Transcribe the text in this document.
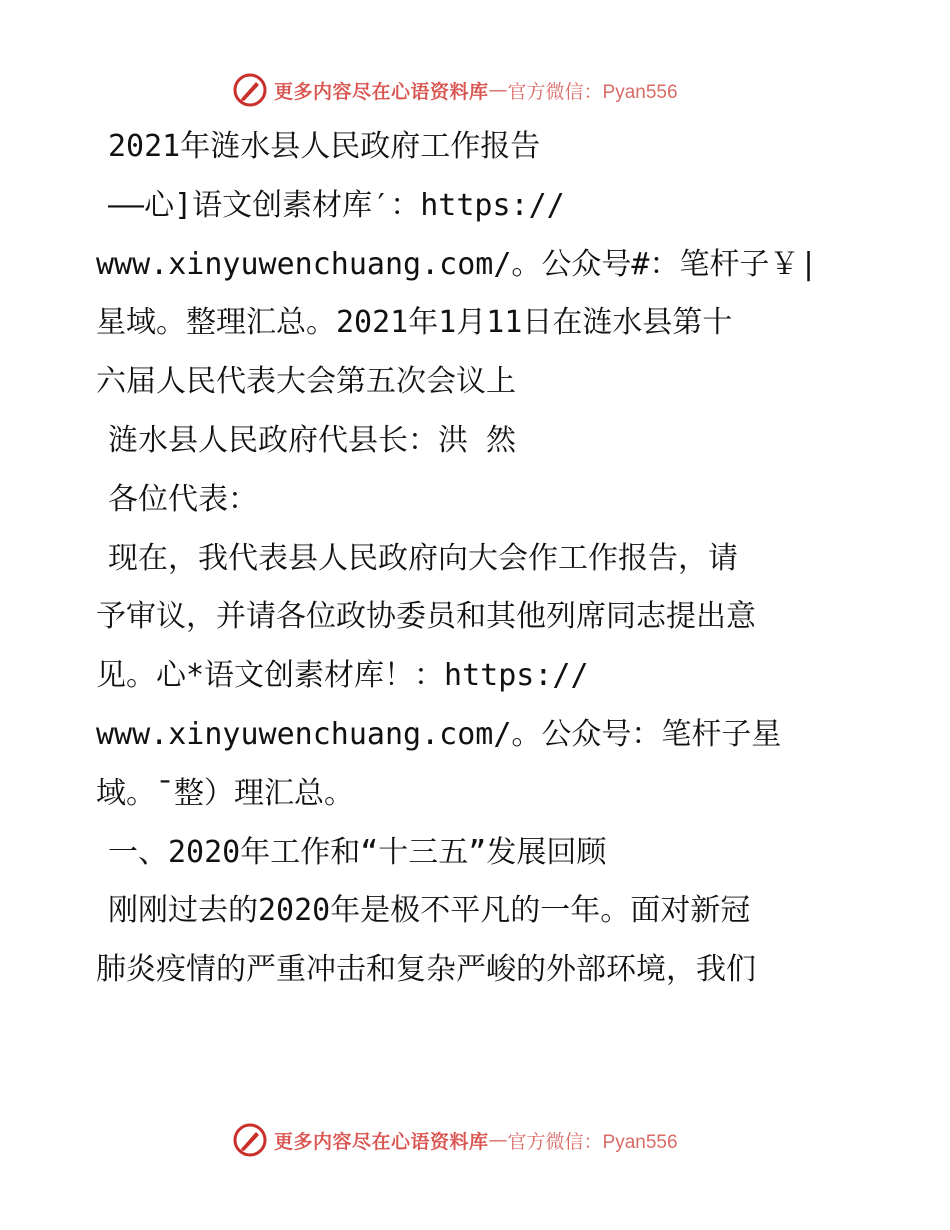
更多内容尽在心语资料库 — 官方微信：Pyan556
2021年涟水县人民政府工作报告
——心]语文创素材库′：https://
www.xinyuwenchuang.com/。公众号#：笔杆子￥|
星域。整理汇总。2021年1月11日在涟水县第十
六届人民代表大会第五次会议上
涟水县人民政府代县长：洪 然
各位代表：
现在，我代表县人民政府向大会作工作报告，请
予审议，并请各位政协委员和其他列席同志提出意
见。心*语文创素材库！：https://
www.xinyuwenchuang.com/。公众号：笔杆子星
域。¯整）理汇总。
一、2020年工作和“十三五”发展回顾
刚刚过去的2020年是极不平凡的一年。面对新冠
肺炎疫情的严重冲击和复杂严峻的外部环境，我们
更多内容尽在心语资料库 — 官方微信：Pyan556
